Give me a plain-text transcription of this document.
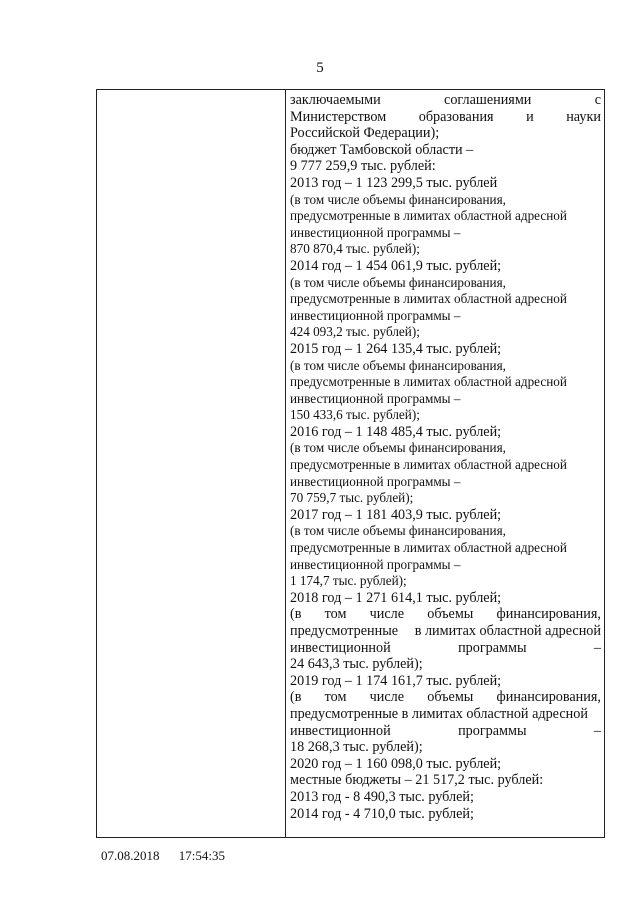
5
заключаемыми	соглашениями	с
Министерством образования и науки
Российской Федерации);
бюджет Тамбовской области –
9 777 259,9 тыс. рублей:
2013 год – 1 123 299,5 тыс. рублей
(в том числе объемы финансирования,
предусмотренные в лимитах областной адресной
инвестиционной программы –
870 870,4 тыс. рублей);
2014 год – 1 454 061,9 тыс. рублей;
(в том числе объемы финансирования,
предусмотренные в лимитах областной адресной
инвестиционной программы –
424 093,2 тыс. рублей);
2015 год – 1 264 135,4 тыс. рублей;
(в том числе объемы финансирования,
предусмотренные в лимитах областной адресной
инвестиционной программы –
150 433,6 тыс. рублей);
2016 год – 1 148 485,4 тыс. рублей;
(в том числе объемы финансирования,
предусмотренные в лимитах областной адресной
инвестиционной программы –
70 759,7 тыс. рублей);
2017 год – 1 181 403,9 тыс. рублей;
(в том числе объемы финансирования,
предусмотренные в лимитах областной адресной
инвестиционной программы –
1 174,7 тыс. рублей);
2018 год – 1 271 614,1 тыс. рублей;
(в том числе объемы финансирования,
предусмотренные в лимитах областной адресной
инвестиционной	программы	–
24 643,3 тыс. рублей);
2019 год – 1 174 161,7 тыс. рублей;
(в том числе объемы финансирования,
предусмотренные в лимитах областной адресной
инвестиционной	программы	–
18 268,3 тыс. рублей);
2020 год – 1 160 098,0 тыс. рублей;
местные бюджеты – 21 517,2 тыс. рублей:
2013 год - 8 490,3 тыс. рублей;
2014 год - 4 710,0 тыс. рублей;
07.08.2018 17:54:35
